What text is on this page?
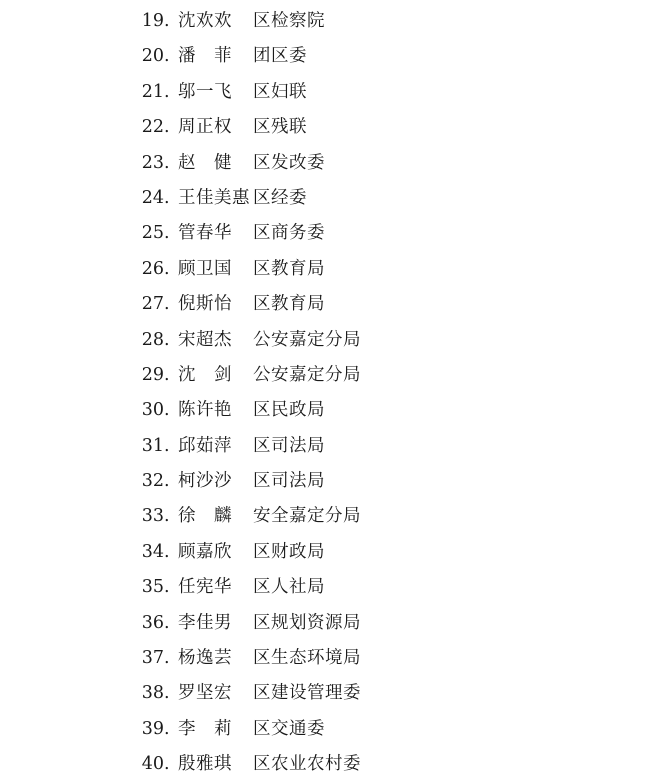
19 . 沈欢欢	区检察院
20 . 潘　菲	团区委
21 . 邬一飞	区妇联
22 . 周正权	区残联
23 . 赵　健	区发改委
24 . 王佳美惠 区经委
25 . 管春华	区商务委
26 . 顾卫国	区教育局
27 . 倪斯怡	区教育局
28 . 宋超杰	公安嘉定分局
29 . 沈　剑	公安嘉定分局
30 . 陈许艳	区民政局
31 . 邱茹萍	区司法局
32 . 柯沙沙	区司法局
33 . 徐　麟	安全嘉定分局
34 . 顾嘉欣	区财政局
35 . 任宪华	区人社局
36 . 李佳男	区规划资源局
37 . 杨逸芸	区生态环境局
38 . 罗坚宏	区建设管理委
39 . 李　莉	区交通委
40 . 殷雅琪	区农业农村委
